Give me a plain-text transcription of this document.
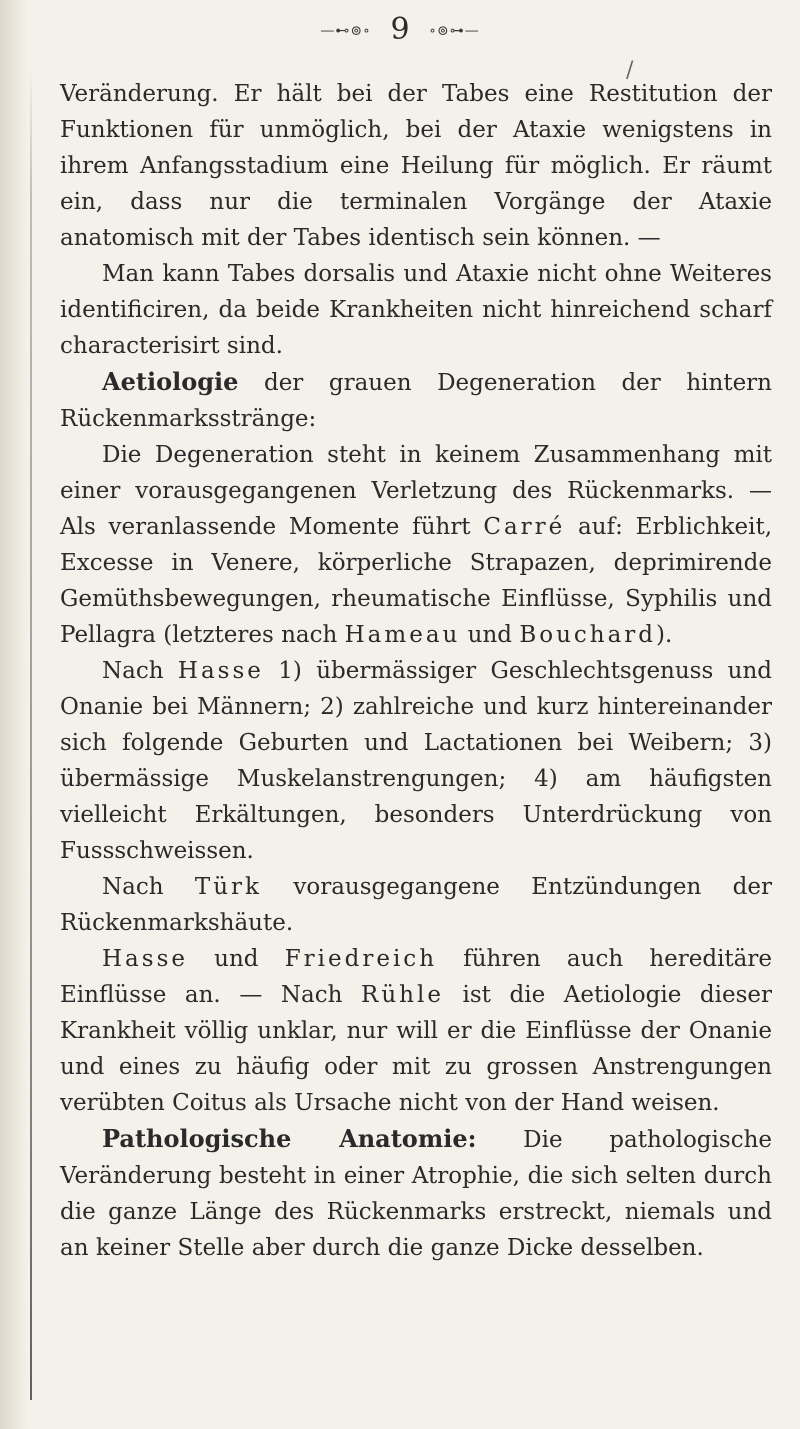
—⊷⊚∘ 9 ∘⊚⊶—
/

Veränderung. Er hält bei der Tabes eine Restitution der Funktionen für unmöglich, bei der Ataxie wenigstens in ihrem Anfangsstadium eine Heilung für möglich. Er räumt ein, dass nur die terminalen Vorgänge der Ataxie anatomisch mit der Tabes identisch sein können. —

Man kann Tabes dorsalis und Ataxie nicht ohne Weiteres identificiren, da beide Krankheiten nicht hinreichend scharf characterisirt sind.

Aetiologie der grauen Degeneration der hintern Rückenmarksstränge:

Die Degeneration steht in keinem Zusammenhang mit einer vorausgegangenen Verletzung des Rückenmarks. — Als veranlassende Momente führt Carré auf: Erblichkeit, Excesse in Venere, körperliche Strapazen, deprimirende Gemüthsbewegungen, rheumatische Einflüsse, Syphilis und Pellagra (letzteres nach Hameau und Bouchard).

Nach Hasse 1) übermässiger Geschlechtsgenuss und Onanie bei Männern; 2) zahlreiche und kurz hintereinander sich folgende Geburten und Lactationen bei Weibern; 3) übermässige Muskelanstrengungen; 4) am häufigsten vielleicht Erkältungen, besonders Unterdrückung von Fussschweissen.

Nach Türk vorausgegangene Entzündungen der Rückenmarkshäute.

Hasse und Friedreich führen auch hereditäre Einflüsse an. — Nach Rühle ist die Aetiologie dieser Krankheit völlig unklar, nur will er die Einflüsse der Onanie und eines zu häufig oder mit zu grossen Anstrengungen verübten Coitus als Ursache nicht von der Hand weisen.

Pathologische Anatomie: Die pathologische Veränderung besteht in einer Atrophie, die sich selten durch die ganze Länge des Rückenmarks erstreckt, niemals und an keiner Stelle aber durch die ganze Dicke desselben.
